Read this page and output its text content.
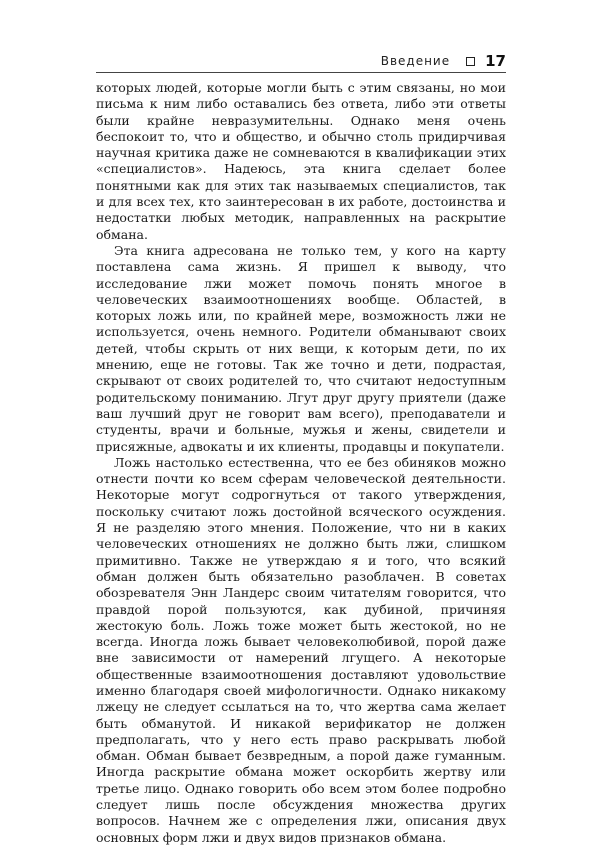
Введение 17

которых людей, которые могли быть с этим связаны, но мои письма к ним либо оставались без ответа, либо эти ответы были крайне невразумительны. Однако меня очень беспокоит то, что и общество, и обычно столь придирчивая научная критика даже не сомневаются в квалификации этих «специалистов». Надеюсь, эта книга сделает более понятными как для этих так называемых специалистов, так и для всех тех, кто заинтересован в их работе, достоинства и недостатки любых методик, направленных на раскрытие обмана.

Эта книга адресована не только тем, у кого на карту поставлена сама жизнь. Я пришел к выводу, что исследование лжи может помочь понять многое в человеческих взаимоотношениях вообще. Областей, в которых ложь или, по крайней мере, возможность лжи не используется, очень немного. Родители обманывают своих детей, чтобы скрыть от них вещи, к которым дети, по их мнению, еще не готовы. Так же точно и дети, подрастая, скрывают от своих родителей то, что считают недоступным родительскому пониманию. Лгут друг другу приятели (даже ваш лучший друг не говорит вам всего), преподаватели и студенты, врачи и больные, мужья и жены, свидетели и присяжные, адвокаты и их клиенты, продавцы и покупатели.

Ложь настолько естественна, что ее без обиняков можно отнести почти ко всем сферам человеческой деятельности. Некоторые могут содрогнуться от такого утверждения, поскольку считают ложь достойной всяческого осуждения. Я не разделяю этого мнения. Положение, что ни в каких человеческих отношениях не должно быть лжи, слишком примитивно. Также не утверждаю я и того, что всякий обман должен быть обязательно разоблачен. В советах обозревателя Энн Ландерс своим читателям говорится, что правдой порой пользуются, как дубиной, причиняя жестокую боль. Ложь тоже может быть жестокой, но не всегда. Иногда ложь бывает человеколюбивой, порой даже вне зависимости от намерений лгущего. А некоторые общественные взаимоотношения доставляют удовольствие именно благодаря своей мифологичности. Однако никакому лжецу не следует ссылаться на то, что жертва сама желает быть обманутой. И никакой верификатор не должен предполагать, что у него есть право раскрывать любой обман. Обман бывает безвредным, а порой даже гуманным. Иногда раскрытие обмана может оскорбить жертву или третье лицо. Однако говорить обо всем этом более подробно следует лишь после обсуждения множества других вопросов. Начнем же с определения лжи, описания двух основных форм лжи и двух видов признаков обмана.
